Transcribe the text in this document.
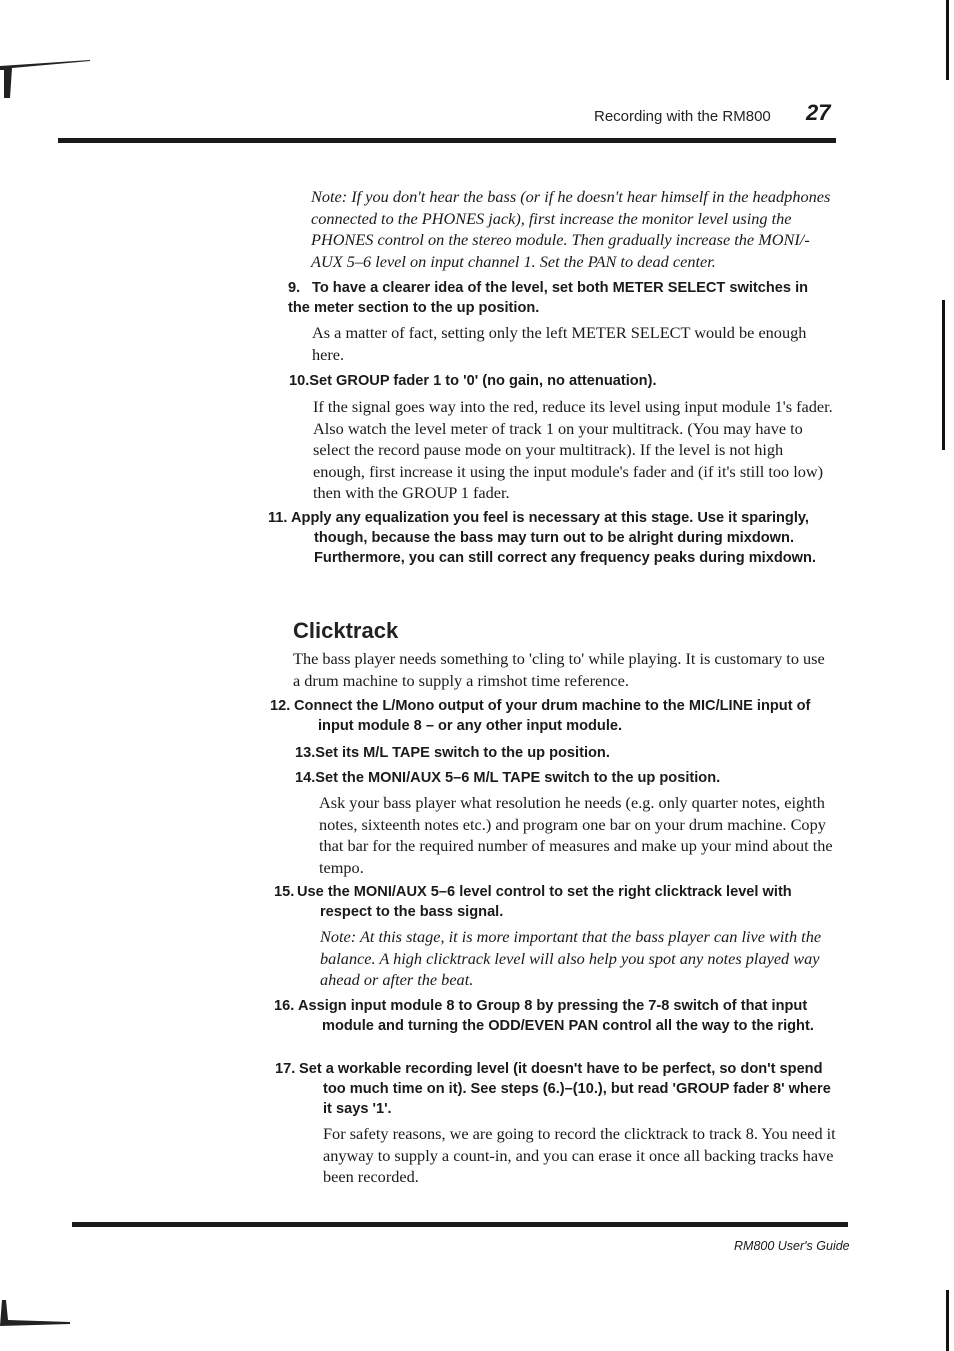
Recording with the RM800 27
Note: If you don't hear the bass (or if he doesn't hear himself in the headphones connected to the PHONES jack), first increase the monitor level using the PHONES control on the stereo module. Then gradually increase the MONI/-AUX 5–6 level on input channel 1. Set the PAN to dead center.
9. To have a clearer idea of the level, set both METER SELECT switches in the meter section to the up position.
As a matter of fact, setting only the left METER SELECT would be enough here.
10.Set GROUP fader 1 to '0' (no gain, no attenuation).
If the signal goes way into the red, reduce its level using input module 1's fader. Also watch the level meter of track 1 on your multitrack. (You may have to select the record pause mode on your multitrack). If the level is not high enough, first increase it using the input module's fader and (if it's still too low) then with the GROUP 1 fader.
11. Apply any equalization you feel is necessary at this stage. Use it sparingly, though, because the bass may turn out to be alright during mixdown. Furthermore, you can still correct any frequency peaks during mixdown.
Clicktrack
The bass player needs something to 'cling to' while playing. It is customary to use a drum machine to supply a rimshot time reference.
12. Connect the L/Mono output of your drum machine to the MIC/LINE input of input module 8 – or any other input module.
13.Set its M/L TAPE switch to the up position.
14.Set the MONI/AUX 5–6 M/L TAPE switch to the up position.
Ask your bass player what resolution he needs (e.g. only quarter notes, eighth notes, sixteenth notes etc.) and program one bar on your drum machine. Copy that bar for the required number of measures and make up your mind about the tempo.
15. Use the MONI/AUX 5–6 level control to set the right clicktrack level with respect to the bass signal.
Note: At this stage, it is more important that the bass player can live with the balance. A high clicktrack level will also help you spot any notes played way ahead or after the beat.
16. Assign input module 8 to Group 8 by pressing the 7-8 switch of that input module and turning the ODD/EVEN PAN control all the way to the right.
17. Set a workable recording level (it doesn't have to be perfect, so don't spend too much time on it). See steps (6.)–(10.), but read 'GROUP fader 8' where it says '1'.
For safety reasons, we are going to record the clicktrack to track 8. You need it anyway to supply a count-in, and you can erase it once all backing tracks have been recorded.
RM800 User's Guide
